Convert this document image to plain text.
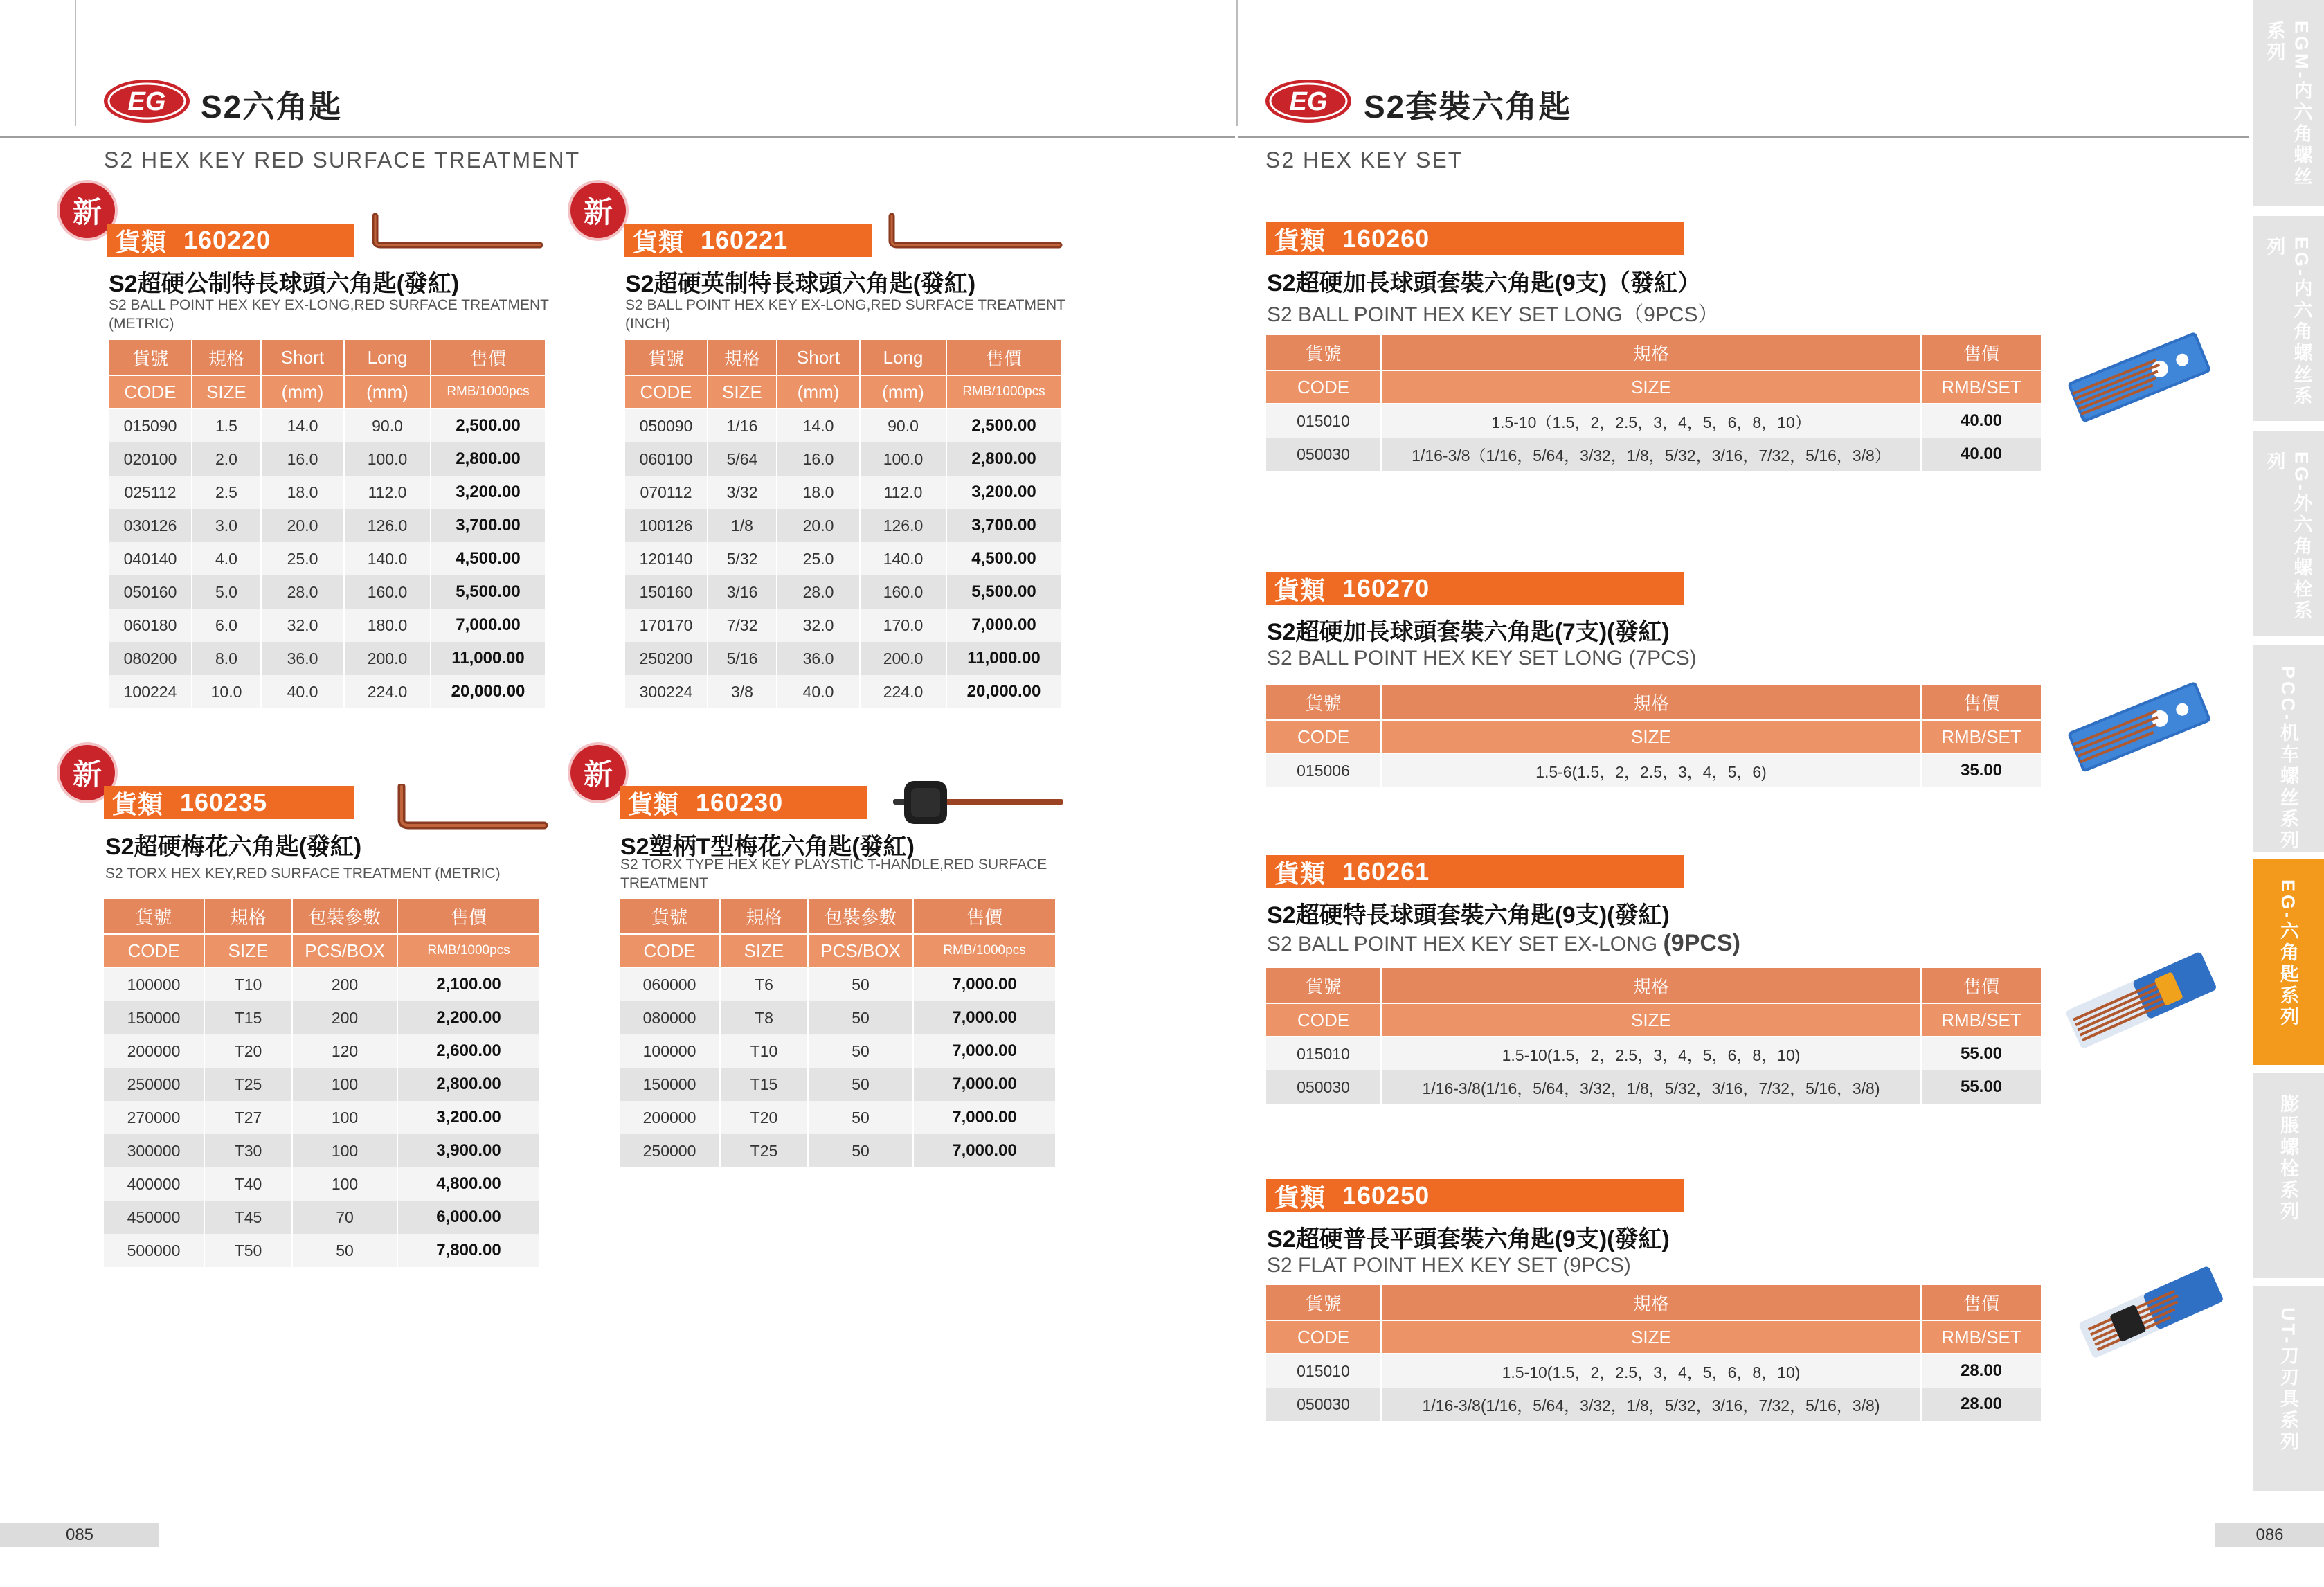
EG S2六角匙
S2 HEX KEY RED SURFACE TREATMENT
EG S2套裝六角匙
S2 HEX KEY SET
新
貨類 160220
S2超硬公制特長球頭六角匙(發紅)
S2 BALL POINT HEX KEY EX-LONG,RED SURFACE TREATMENT (METRIC)
貨號	規格	Short	Long	售價
CODE	SIZE	(mm)	(mm)	RMB/1000pcs
015090	1.5	14.0	90.0	2,500.00
020100	2.0	16.0	100.0	2,800.00
025112	2.5	18.0	112.0	3,200.00
030126	3.0	20.0	126.0	3,700.00
040140	4.0	25.0	140.0	4,500.00
050160	5.0	28.0	160.0	5,500.00
060180	6.0	32.0	180.0	7,000.00
080200	8.0	36.0	200.0	11,000.00
100224	10.0	40.0	224.0	20,000.00
新
貨類 160221
S2超硬英制特長球頭六角匙(發紅)
S2 BALL POINT HEX KEY EX-LONG,RED SURFACE TREATMENT (INCH)
貨號	規格	Short	Long	售價
CODE	SIZE	(mm)	(mm)	RMB/1000pcs
050090	1/16	14.0	90.0	2,500.00
060100	5/64	16.0	100.0	2,800.00
070112	3/32	18.0	112.0	3,200.00
100126	1/8	20.0	126.0	3,700.00
120140	5/32	25.0	140.0	4,500.00
150160	3/16	28.0	160.0	5,500.00
170170	7/32	32.0	170.0	7,000.00
250200	5/16	36.0	200.0	11,000.00
300224	3/8	40.0	224.0	20,000.00
新
貨類 160235
S2超硬梅花六角匙(發紅)
S2 TORX HEX KEY,RED SURFACE TREATMENT (METRIC)
貨號	規格	包裝參數	售價
CODE	SIZE	PCS/BOX	RMB/1000pcs
100000	T10	200	2,100.00
150000	T15	200	2,200.00
200000	T20	120	2,600.00
250000	T25	100	2,800.00
270000	T27	100	3,200.00
300000	T30	100	3,900.00
400000	T40	100	4,800.00
450000	T45	70	6,000.00
500000	T50	50	7,800.00
新
貨類 160230
S2塑柄T型梅花六角匙(發紅)
S2 TORX TYPE HEX KEY PLAYSTIC T-HANDLE,RED SURFACE TREATMENT
貨號	規格	包裝參數	售價
CODE	SIZE	PCS/BOX	RMB/1000pcs
060000	T6	50	7,000.00
080000	T8	50	7,000.00
100000	T10	50	7,000.00
150000	T15	50	7,000.00
200000	T20	50	7,000.00
250000	T25	50	7,000.00
貨類 160260
S2超硬加長球頭套裝六角匙(9支)（發紅）
S2 BALL POINT HEX KEY SET LONG（9PCS）
貨號	規格	售價
CODE	SIZE	RMB/SET
015010	1.5-10（1.5，2，2.5，3，4，5，6，8，10）	40.00
050030	1/16-3/8（1/16，5/64，3/32，1/8，5/32，3/16，7/32，5/16，3/8）	40.00
貨類 160270
S2超硬加長球頭套裝六角匙(7支)(發紅)
S2 BALL POINT HEX KEY SET LONG (7PCS)
貨號	規格	售價
CODE	SIZE	RMB/SET
015006	1.5-6(1.5，2，2.5，3，4，5，6)	35.00
貨類 160261
S2超硬特長球頭套裝六角匙(9支)(發紅)
S2 BALL POINT HEX KEY SET EX-LONG (9PCS)
貨號	規格	售價
CODE	SIZE	RMB/SET
015010	1.5-10(1.5，2，2.5，3，4，5，6，8，10)	55.00
050030	1/16-3/8(1/16，5/64，3/32，1/8，5/32，3/16，7/32，5/16，3/8)	55.00
貨類 160250
S2超硬普長平頭套裝六角匙(9支)(發紅)
S2 FLAT POINT HEX KEY SET (9PCS)
貨號	規格	售價
CODE	SIZE	RMB/SET
015010	1.5-10(1.5，2，2.5，3，4，5，6，8，10)	28.00
050030	1/16-3/8(1/16，5/64，3/32，1/8，5/32，3/16，7/32，5/16，3/8)	28.00
EGM-内六角螺丝系列
EG-内六角螺丝系列
EG-外六角螺栓系列
PCC-机车螺丝系列
EG-六角匙系列
膨脹螺栓系列
UT-刀刃具系列
085	086
